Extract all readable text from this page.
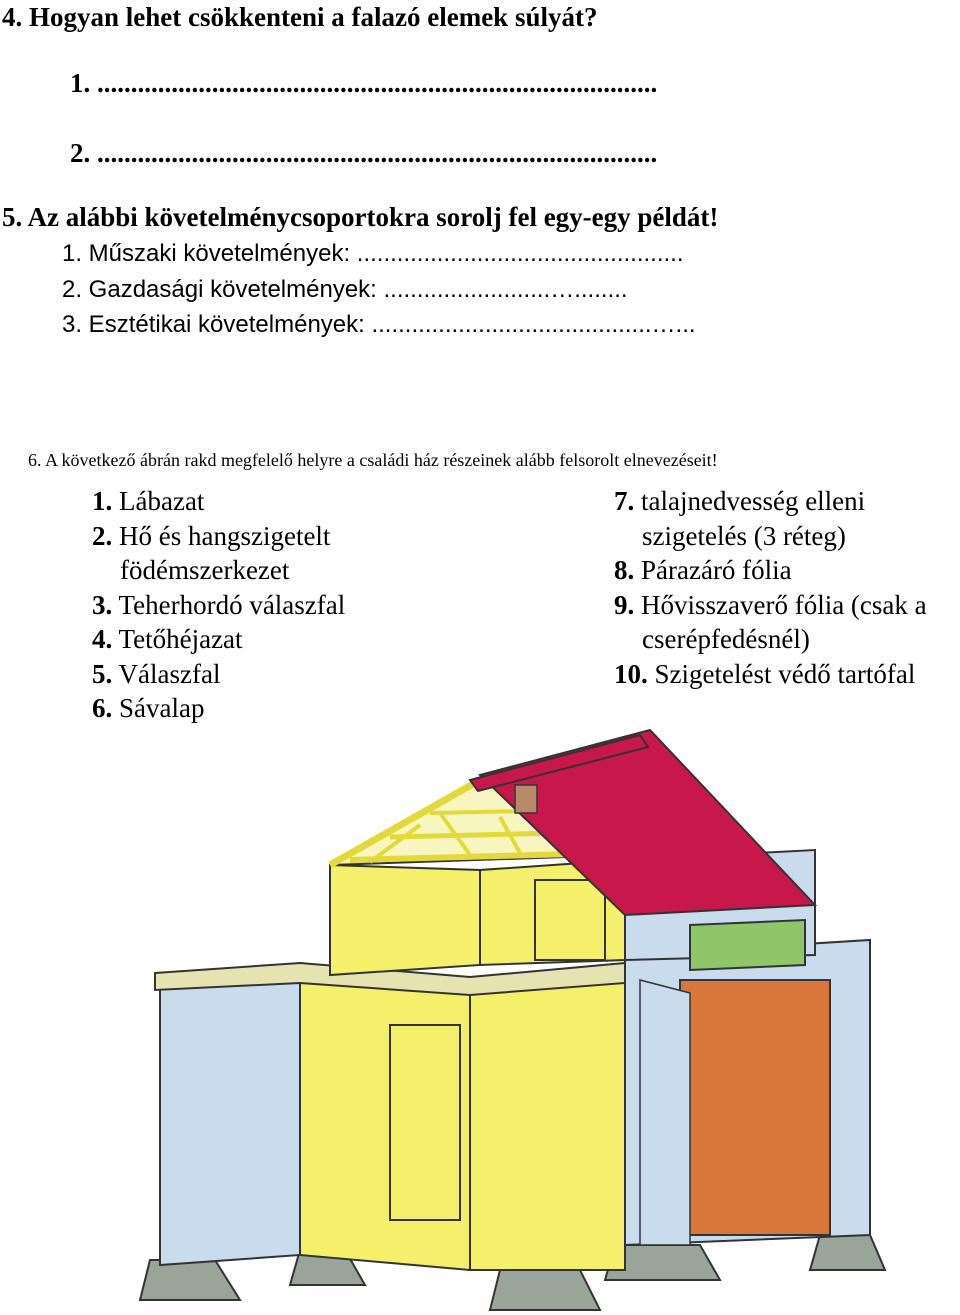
4. Hogyan lehet csökkenteni a falazó elemek súlyát?
1. ...................................................................................
2. ...................................................................................
5. Az alábbi követelménycsoportokra sorolj fel egy-egy példát!
1. Műszaki követelmények: .................................................
2. Gazdasági követelmények: .........................…........
3. Esztétikai követelmények: ..........................................…...
6. A következő ábrán rakd megfelelő helyre a családi ház részeinek alább felsorolt elnevezéseit!
1. Lábazat
2. Hő és hangszigetelt
födémszerkezet
3. Teherhordó válaszfal
4. Tetőhéjazat
5. Válaszfal
6. Sávalap
7. talajnedvesség elleni
szigetelés (3 réteg)
8. Párazáró fólia
9. Hővisszaverő fólia (csak a
cserépfedésnél)
10. Szigetelést védő tartófal
